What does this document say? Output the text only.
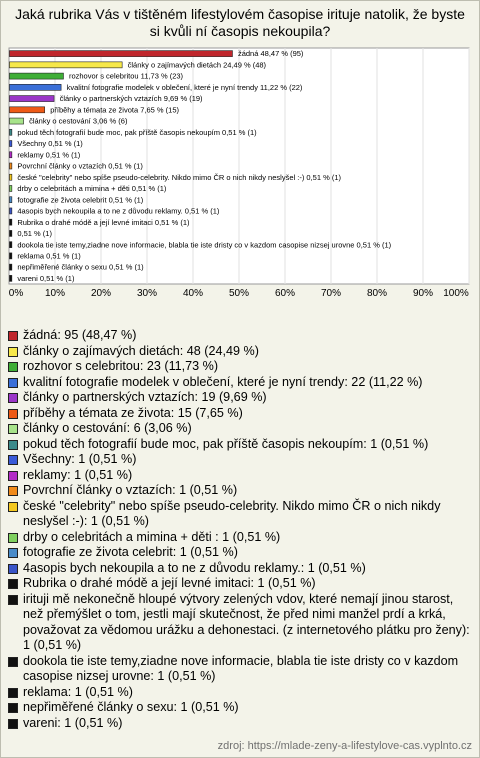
Jaká rubrika Vás v tištěném lifestylovém časopise irituje natolik, že byste si kvůli ní časopis nekoupila?
žádná 48,47 % (95)
články o zajímavých dietách 24,49 % (48)
rozhovor s celebritou 11,73 % (23)
kvalitní fotografie modelek v oblečení, které je nyní trendy 11,22 % (22)
články o partnerských vztazích 9,69 % (19)
příběhy a témata ze života 7,65 % (15)
články o cestování 3,06 % (6)
pokud těch fotografií bude moc, pak příště časopis nekoupím 0,51 % (1)
Všechny 0,51 % (1)
reklamy 0,51 % (1)
Povrchní články o vztazích 0,51 % (1)
české "celebrity" nebo spíše pseudo-celebrity. Nikdo mimo ČR o nich nikdy neslyšel :-) 0,51 % (1)
drby o celebritách a mimina + děti 0,51 % (1)
fotografie ze života celebrit 0,51 % (1)
4asopis bych nekoupila a to ne z důvodu reklamy. 0,51 % (1)
Rubrika o drahé módě a její levné imitaci 0,51 % (1)
0,51 % (1)
dookola tie iste temy,ziadne nove informacie, blabla tie iste dristy co v kazdom casopise nizsej urovne 0,51 % (1)
reklama 0,51 % (1)
nepřiměřené články o sexu 0,51 % (1)
vareni 0,51 % (1)
0% 10%	20%	30%	40%	50%	60%	70%	80%	90% 100%
žádná: 95 (48,47 %)
články o zajímavých dietách: 48 (24,49 %)
rozhovor s celebritou: 23 (11,73 %)
kvalitní fotografie modelek v oblečení, které je nyní trendy: 22 (11,22 %)
články o partnerských vztazích: 19 (9,69 %)
příběhy a témata ze života: 15 (7,65 %)
články o cestování: 6 (3,06 %)
pokud těch fotografií bude moc, pak příště časopis nekoupím: 1 (0,51 %)
Všechny: 1 (0,51 %)
reklamy: 1 (0,51 %)
Povrchní články o vztazích: 1 (0,51 %)
české "celebrity" nebo spíše pseudo-celebrity. Nikdo mimo ČR o nich nikdy neslyšel :-): 1 (0,51 %)
drby o celebritách a mimina + děti : 1 (0,51 %)
fotografie ze života celebrit: 1 (0,51 %)
4asopis bych nekoupila a to ne z důvodu reklamy.: 1 (0,51 %)
Rubrika o drahé módě a její levné imitaci: 1 (0,51 %)
irituji mě nekonečně hloupé výtvory zelených vdov, které nemají jinou starost, než přemýšlet o tom, jestli mají skutečnost, že před nimi manžel prdí a krká, považovat za vědomou urážku a dehonestaci. (z internetového plátku pro ženy): 1 (0,51 %)
dookola tie iste temy,ziadne nove informacie, blabla tie iste dristy co v kazdom casopise nizsej urovne: 1 (0,51 %)
reklama: 1 (0,51 %)
nepřiměřené články o sexu: 1 (0,51 %)
vareni: 1 (0,51 %)
zdroj: https://mlade-zeny-a-lifestylove-cas.vyplnto.cz
